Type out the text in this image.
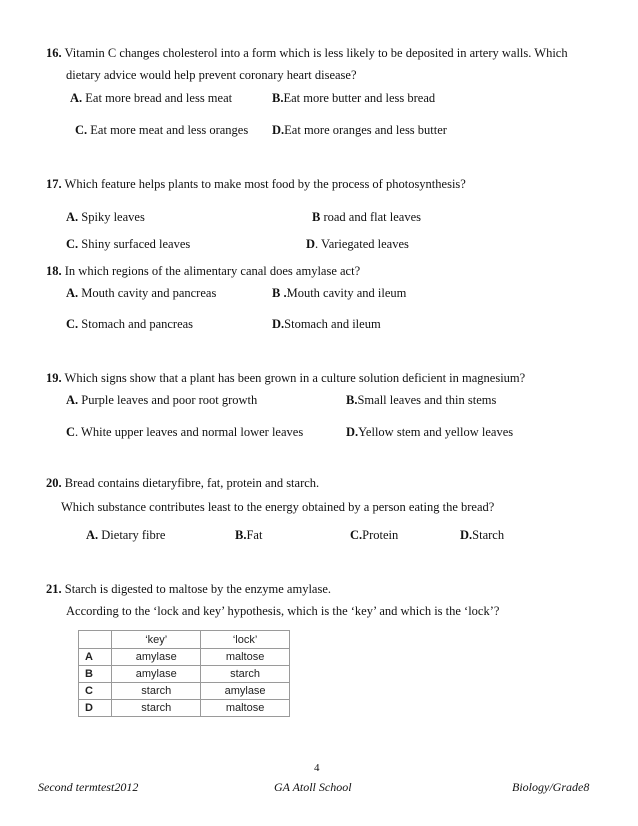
16. Vitamin C changes cholesterol into a form which is less likely to be deposited in artery walls. Which
dietary advice would help prevent coronary heart disease?
A. Eat more bread and less meat	B.Eat more butter and less bread
C. Eat more meat and less oranges D.Eat more oranges and less butter
17. Which feature helps plants to make most food by the process of photosynthesis?
A. Spiky leaves	B road and flat leaves
C. Shiny surfaced leaves	D. Variegated leaves
18. In which regions of the alimentary canal does amylase act?
A. Mouth cavity and pancreas	B .Mouth cavity and ileum
C. Stomach and pancreas	D.Stomach and ileum
19. Which signs show that a plant has been grown in a culture solution deficient in magnesium?
A. Purple leaves and poor root growth	B.Small leaves and thin stems
C. White upper leaves and normal lower leaves	D.Yellow stem and yellow leaves
20. Bread contains dietaryfibre, fat, protein and starch.
Which substance contributes least to the energy obtained by a person eating the bread?
A. Dietary fibre	B.Fat	C.Protein	D.Starch
21. Starch is digested to maltose by the enzyme amylase.
According to the ‘lock and key’ hypothesis, which is the ‘key’ and which is the ‘lock’?
	‘key’	‘lock’
A	amylase	maltose
B	amylase	starch
C	starch	amylase
D	starch	maltose
4
Second termtest2012	GA Atoll School	Biology/Grade8
